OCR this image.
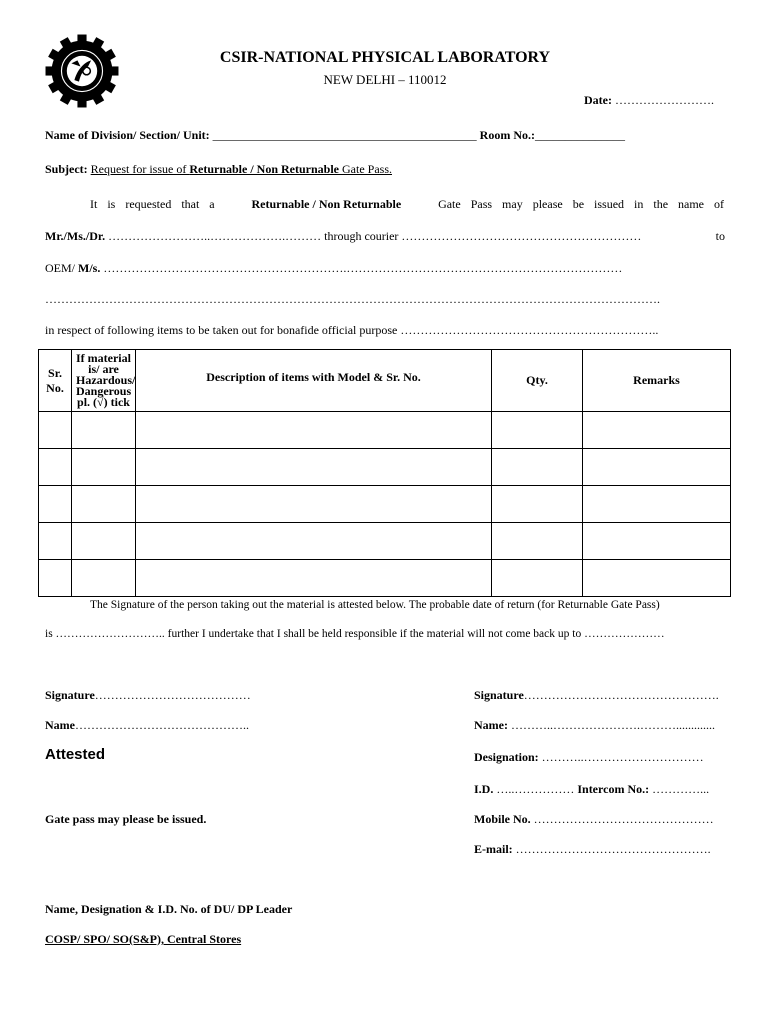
CSIR-NATIONAL PHYSICAL LABORATORY
NEW DELHI – 110012
Date: …………………….
Name of Division/ Section/ Unit: ____________________________________________ Room No.:_______________
Subject: Request for issue of Returnable / Non Returnable Gate Pass.
It is requested that a	Returnable / Non Returnable	Gate Pass may please be issued in the name of
Mr./Ms./Dr. ……………………..……………….……… through courier ……………………………………………………	to
OEM/ M/s. …………………………………………………….……………………………………………………………
……………………………………………………………………………………………………………………………………….
in respect of following items to be taken out for bonafide official purpose ………………………………………………………..
Sr. No.	If material is/ are Hazardous/ Dangerous pl. (√) tick	Description of items with Model & Sr. No.	Qty.	Remarks

The Signature of the person taking out the material is attested below. The probable date of return (for Returnable Gate Pass)
is ……………………….. further I undertake that I shall be held responsible if the material will not come back up to …………………
Signature…………………………………
Name……………………………………..
Attested
Gate pass may please be issued.
Name, Designation & I.D. No. of DU/ DP Leader
COSP/ SPO/ SO(S&P), Central Stores
Signature………………………………………….
Name: ………..………………….……….............
Designation: ………..…………………………
I.D. …..…………… Intercom No.: …………...
Mobile No. ………………………………………
E-mail: ………………………………………….
